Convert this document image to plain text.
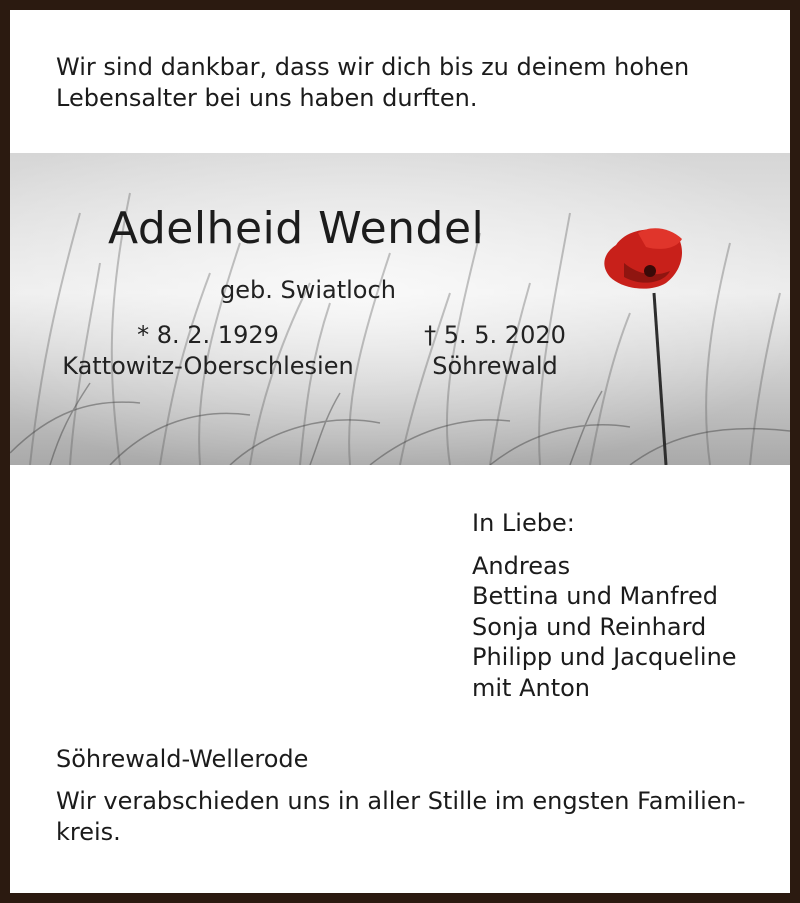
Wir sind dankbar, dass wir dich bis zu deinem hohen
Lebensalter bei uns haben durften.
Adelheid Wendel
geb. Swiatloch
* 8. 2. 1929
Kattowitz-Oberschlesien
† 5. 5. 2020
Söhrewald
In Liebe:
Andreas
Bettina und Manfred
Sonja und Reinhard
Philipp und Jacqueline
mit Anton
Söhrewald-Wellerode
Wir verabschieden uns in aller Stille im engsten Familien-
kreis.
